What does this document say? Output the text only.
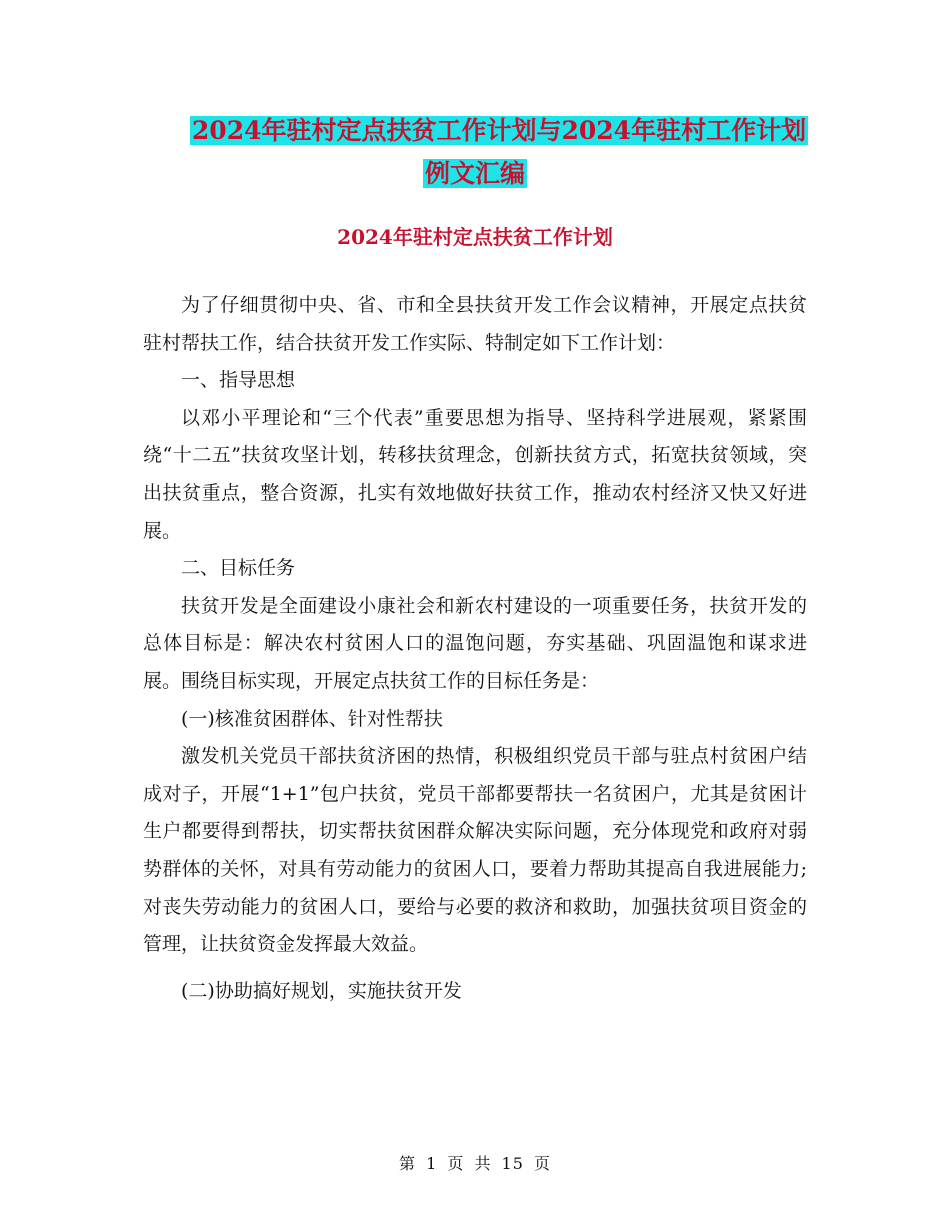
2024年驻村定点扶贫工作计划与2024年驻村工作计划
例文汇编
2024年驻村定点扶贫工作计划

为了仔细贯彻中央、省、市和全县扶贫开发工作会议精神，开展定点扶贫驻村帮扶工作，结合扶贫开发工作实际、特制定如下工作计划：

一、指导思想

以邓小平理论和“三个代表”重要思想为指导、坚持科学进展观，紧紧围绕“十二五”扶贫攻坚计划，转移扶贫理念，创新扶贫方式，拓宽扶贫领域，突出扶贫重点，整合资源，扎实有效地做好扶贫工作，推动农村经济又快又好进展。

二、目标任务

扶贫开发是全面建设小康社会和新农村建设的一项重要任务，扶贫开发的总体目标是：解决农村贫困人口的温饱问题，夯实基础、巩固温饱和谋求进展。围绕目标实现，开展定点扶贫工作的目标任务是：

(一)核准贫困群体、针对性帮扶

激发机关党员干部扶贫济困的热情，积极组织党员干部与驻点村贫困户结成对子，开展“1+1”包户扶贫，党员干部都要帮扶一名贫困户，尤其是贫困计生户都要得到帮扶，切实帮扶贫困群众解决实际问题，充分体现党和政府对弱势群体的关怀，对具有劳动能力的贫困人口，要着力帮助其提高自我进展能力;对丧失劳动能力的贫困人口，要给与必要的救济和救助，加强扶贫项目资金的管理，让扶贫资金发挥最大效益。

(二)协助搞好规划，实施扶贫开发

第 1 页 共 15 页
